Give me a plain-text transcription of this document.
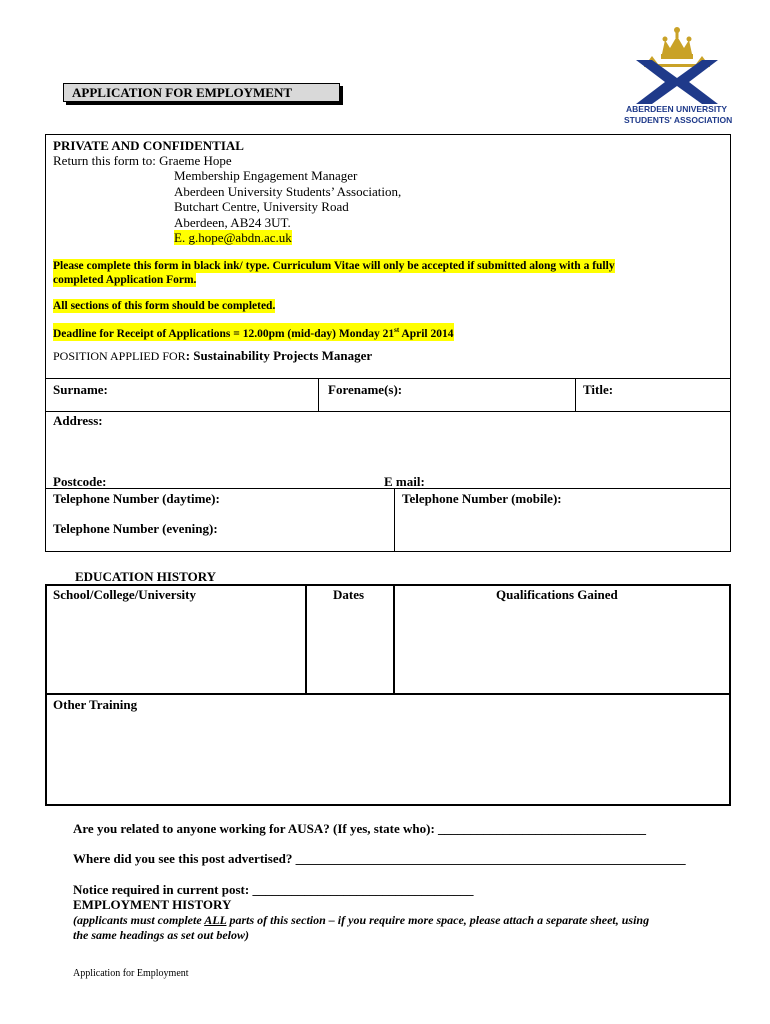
APPLICATION FOR EMPLOYMENT
ABERDEEN UNIVERSITY
STUDENTS' ASSOCIATION
PRIVATE AND CONFIDENTIAL
Return this form to: Graeme Hope
Membership Engagement Manager
Aberdeen University Students’ Association,
Butchart Centre, University Road
Aberdeen, AB24 3UT.
E. g.hope@abdn.ac.uk
Please complete this form in black ink/ type. Curriculum Vitae will only be accepted if submitted along with a fully
completed Application Form.
All sections of this form should be completed.
Deadline for Receipt of Applications = 12.00pm (mid-day) Monday 21st April 2014
POSITION APPLIED FOR: Sustainability Projects Manager
Surname:	Forename(s):	Title:
Address:
Postcode:	E mail:
Telephone Number (daytime):	Telephone Number (mobile):
Telephone Number (evening):
EDUCATION HISTORY
School/College/University	Dates	Qualifications Gained
Other Training
Are you related to anyone working for AUSA? (If yes, state who): ________________________________
Where did you see this post advertised? ____________________________________________________________
Notice required in current post: __________________________________
EMPLOYMENT HISTORY
(applicants must complete ALL parts of this section – if you require more space, please attach a separate sheet, using
the same headings as set out below)
Application for Employment
